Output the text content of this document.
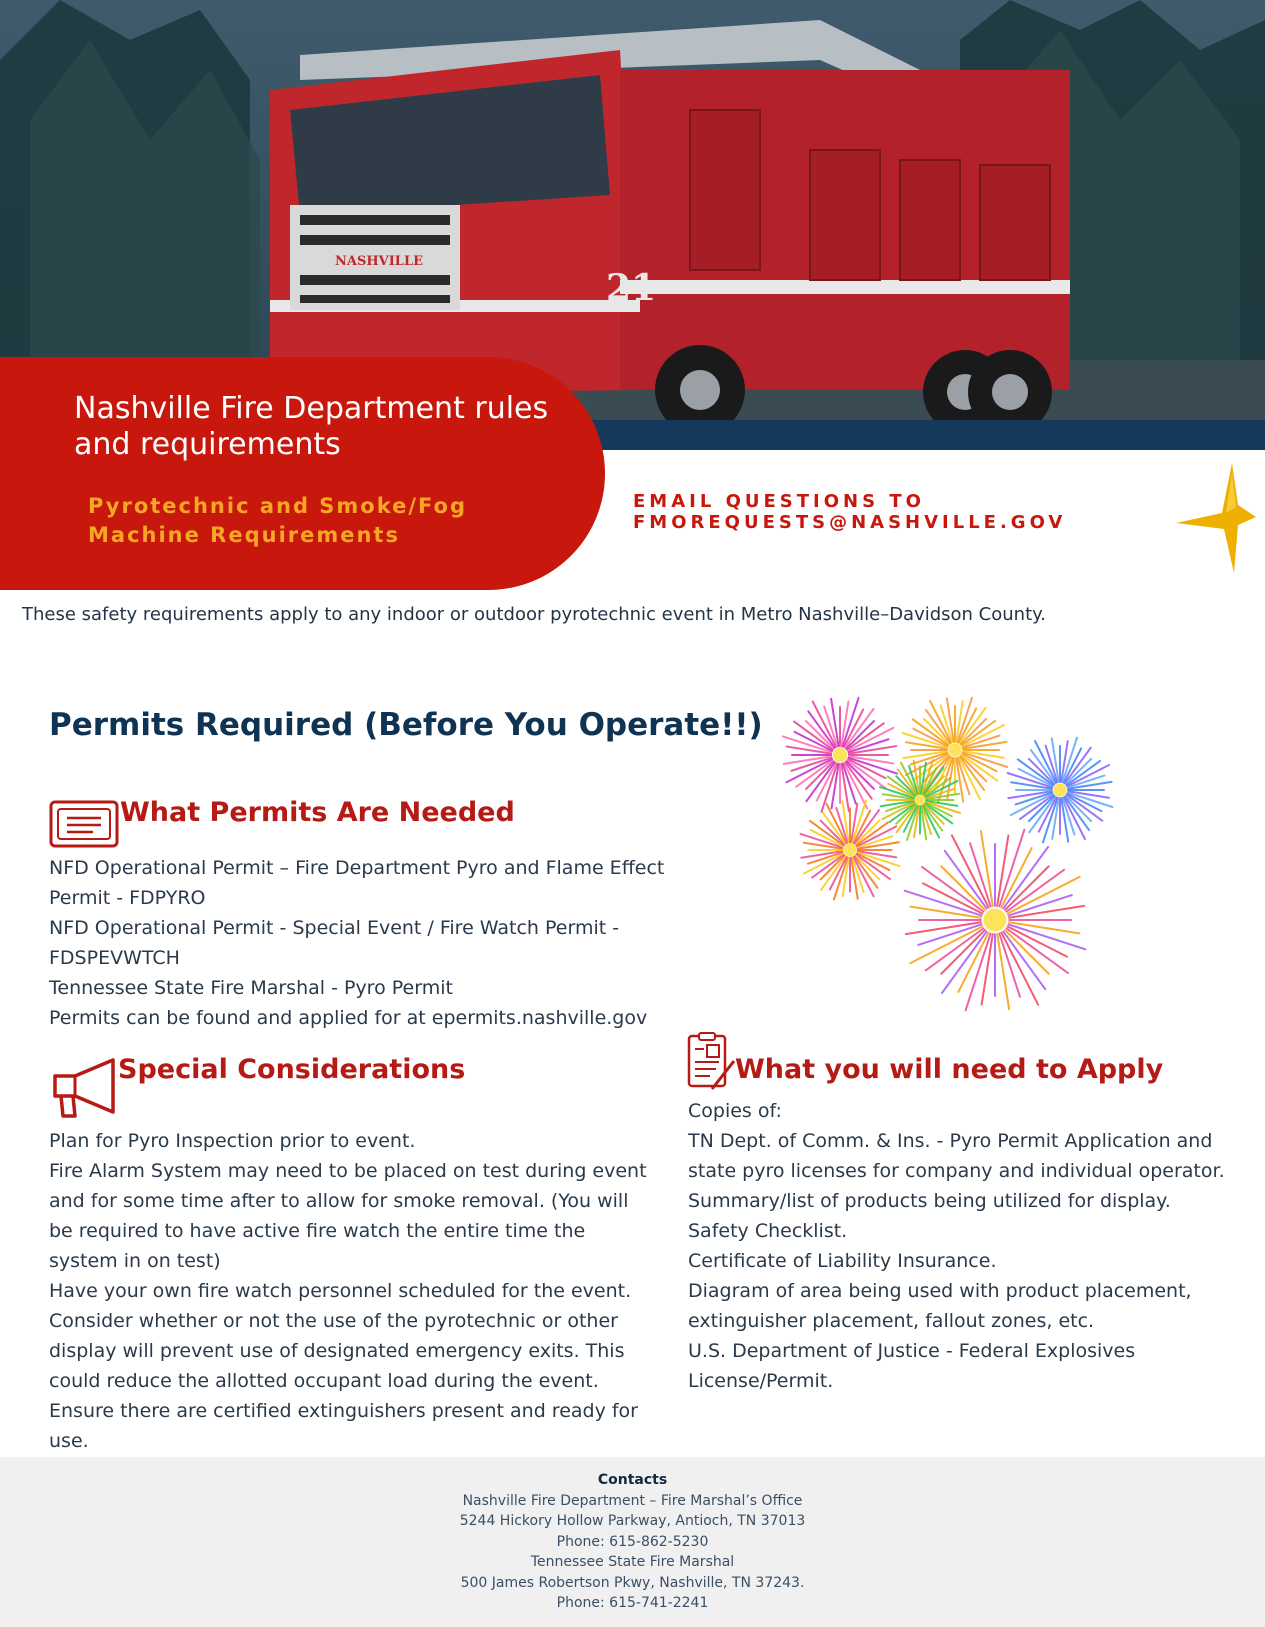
NASHVILLE
21
Nashville Fire Department rules and requirements
Pyrotechnic and Smoke/Fog Machine Requirements
EMAIL QUESTIONS TO
FMOREQUESTS@NASHVILLE.GOV
These safety requirements apply to any indoor or outdoor pyrotechnic event in Metro Nashville–Davidson County.
Permits Required (Before You Operate!!)
What Permits Are Needed
NFD Operational Permit – Fire Department Pyro and Flame Effect Permit - FDPYRO
NFD Operational Permit - Special Event / Fire Watch Permit - FDSPEVWTCH
Tennessee State Fire Marshal - Pyro Permit
Permits can be found and applied for at epermits.nashville.gov
Special Considerations
Plan for Pyro Inspection prior to event.
Fire Alarm System may need to be placed on test during event and for some time after to allow for smoke removal. (You will be required to have active fire watch the entire time the system in on test)
Have your own fire watch personnel scheduled for the event.
Consider whether or not the use of the pyrotechnic or other display will prevent use of designated emergency exits. This could reduce the allotted occupant load during the event.
Ensure there are certified extinguishers present and ready for use.
What you will need to Apply
Copies of:
TN Dept. of Comm. & Ins. - Pyro Permit Application and state pyro licenses for company and individual operator.
Summary/list of products being utilized for display.
Safety Checklist.
Certificate of Liability Insurance.
Diagram of area being used with product placement, extinguisher placement, fallout zones, etc.
U.S. Department of Justice - Federal Explosives License/Permit.
Contacts
Nashville Fire Department – Fire Marshal’s Office
5244 Hickory Hollow Parkway, Antioch, TN 37013
Phone: 615-862-5230
Tennessee State Fire Marshal
500 James Robertson Pkwy, Nashville, TN 37243.
Phone: 615-741-2241
